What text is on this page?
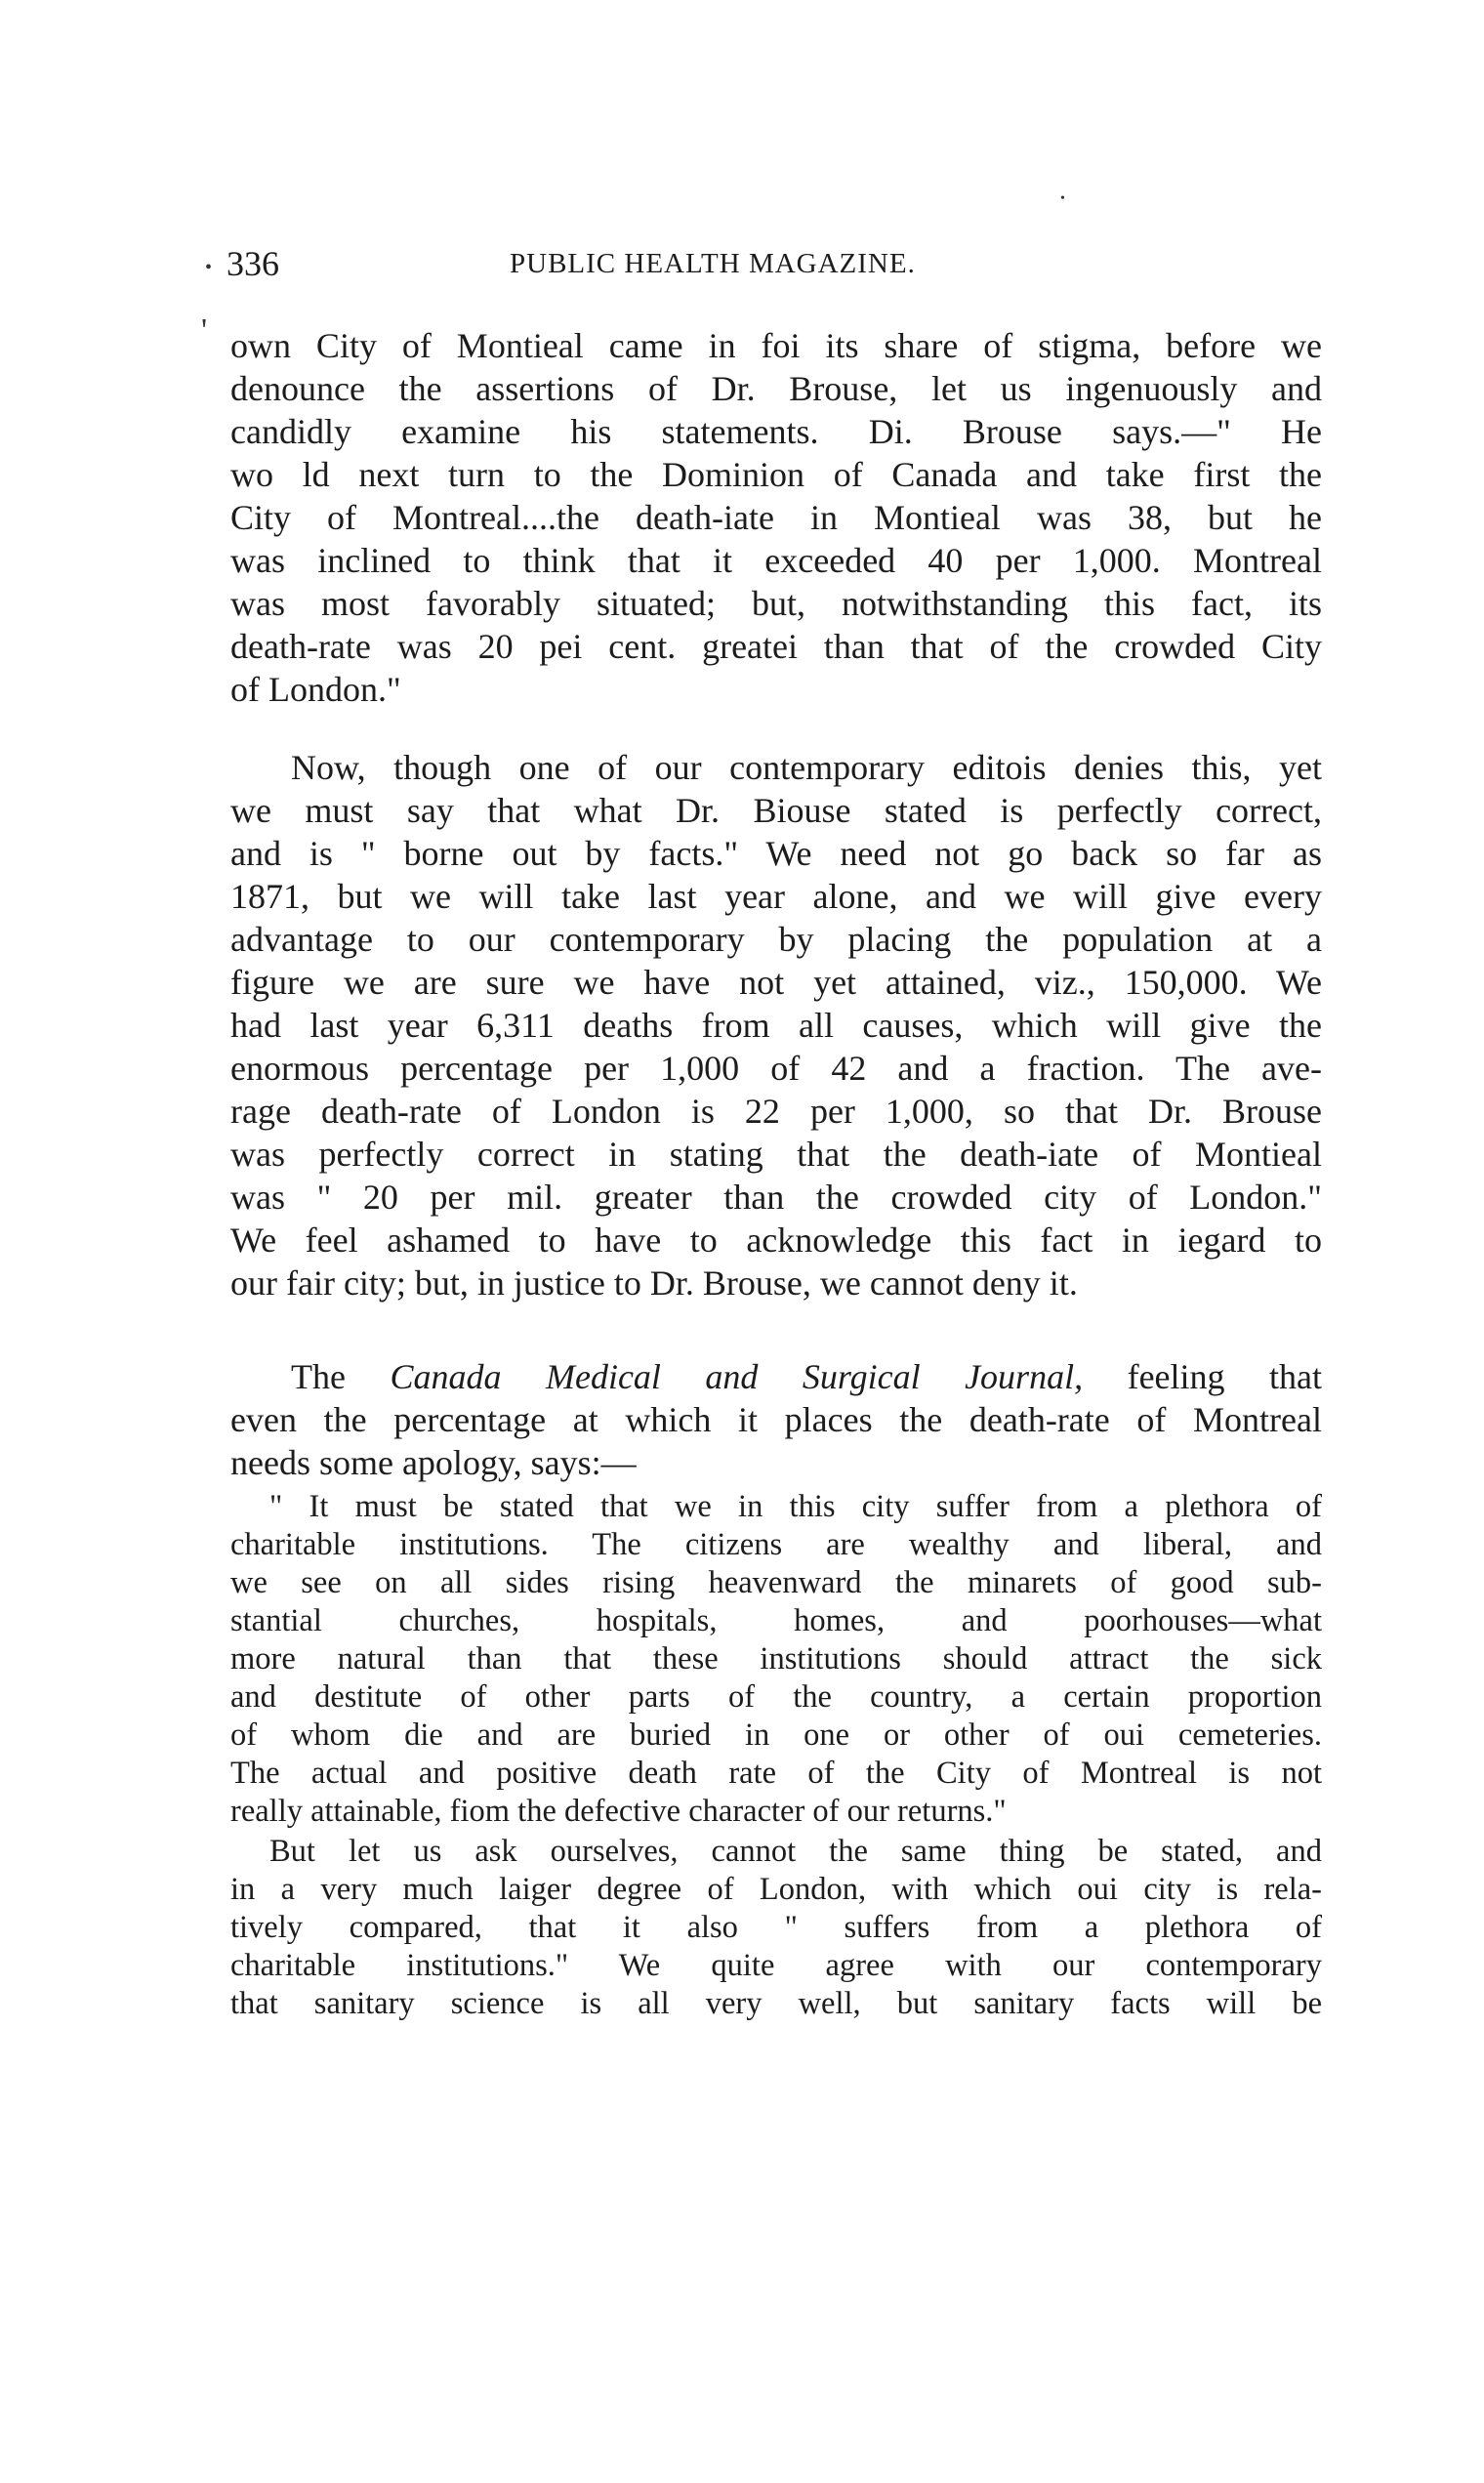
•
• 336	PUBLIC HEALTH MAGAZINE.
' own City of Montieal came in foi its share of stigma, before we
denounce the assertions of Dr. Brouse, let us ingenuously and
candidly examine his statements. Di. Brouse says.—" He
wo ld next turn to the Dominion of Canada and take first the
City of Montreal....the death-iate in Montieal was 38, but he
was inclined to think that it exceeded 40 per 1,000. Montreal
was most favorably situated; but, notwithstanding this fact, its
death-rate was 20 pei cent. greatei than that of the crowded City
of London."
Now, though one of our contemporary editois denies this, yet
we must say that what Dr. Biouse stated is perfectly correct,
and is " borne out by facts." We need not go back so far as
1871, but we will take last year alone, and we will give every
advantage to our contemporary by placing the population at a
figure we are sure we have not yet attained, viz., 150,000. We
had last year 6,311 deaths from all causes, which will give the
enormous percentage per 1,000 of 42 and a fraction. The ave-
rage death-rate of London is 22 per 1,000, so that Dr. Brouse
was perfectly correct in stating that the death-iate of Montieal
was " 20 per mil. greater than the crowded city of London."
We feel ashamed to have to acknowledge this fact in iegard to
our fair city; but, in justice to Dr. Brouse, we cannot deny it.
The Canada Medical and Surgical Journal, feeling that
even the percentage at which it places the death-rate of Montreal
needs some apology, says:—
" It must be stated that we in this city suffer from a plethora of
charitable institutions. The citizens are wealthy and liberal, and
we see on all sides rising heavenward the minarets of good sub-
stantial churches, hospitals, homes, and poorhouses—what
more natural than that these institutions should attract the sick
and destitute of other parts of the country, a certain proportion
of whom die and are buried in one or other of oui cemeteries.
The actual and positive death rate of the City of Montreal is not
really attainable, fiom the defective character of our returns."
But let us ask ourselves, cannot the same thing be stated, and
in a very much laiger degree of London, with which oui city is rela-
tively compared, that it also " suffers from a plethora of
charitable institutions." We quite agree with our contemporary
that sanitary science is all very well, but sanitary facts will be
